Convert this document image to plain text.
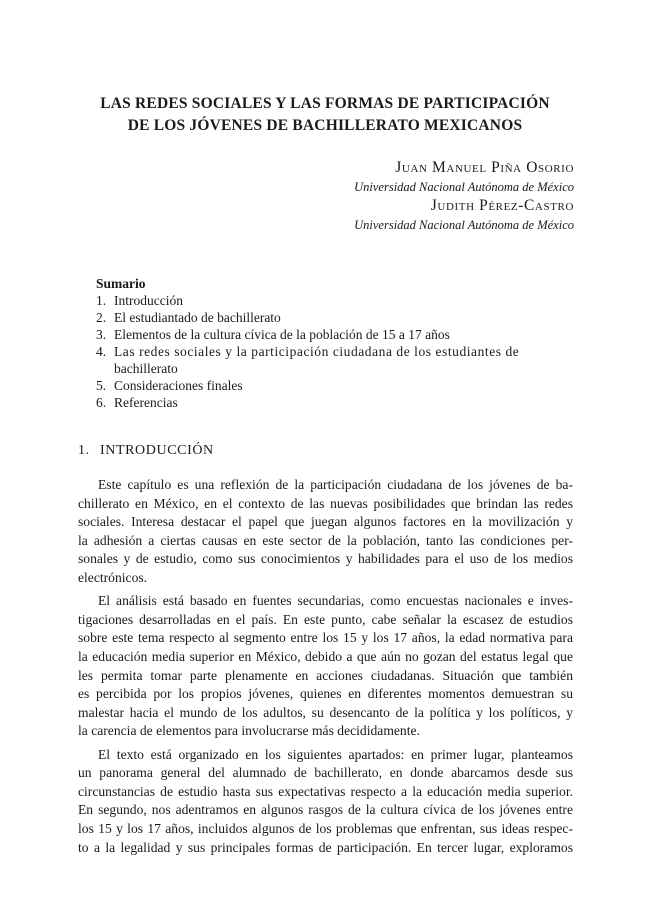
LAS REDES SOCIALES Y LAS FORMAS DE PARTICIPACIÓN
DE LOS JÓVENES DE BACHILLERATO MEXICANOS
Juan Manuel Piña Osorio
Universidad Nacional Autónoma de México
Judith Pérez-Castro
Universidad Nacional Autónoma de México
Sumario
1. Introducción
2. El estudiantado de bachillerato
3. Elementos de la cultura cívica de la población de 15 a 17 años
4. Las redes sociales y la participación ciudadana de los estudiantes de
bachillerato
5. Consideraciones finales
6. Referencias
1. INTRODUCCIÓN

Este capítulo es una reflexión de la participación ciudadana de los jóvenes de ba-
chillerato en México, en el contexto de las nuevas posibilidades que brindan las redes
sociales. Interesa destacar el papel que juegan algunos factores en la movilización y
la adhesión a ciertas causas en este sector de la población, tanto las condiciones per-
sonales y de estudio, como sus conocimientos y habilidades para el uso de los medios
electrónicos.

El análisis está basado en fuentes secundarias, como encuestas nacionales e inves-
tigaciones desarrolladas en el país. En este punto, cabe señalar la escasez de estudios
sobre este tema respecto al segmento entre los 15 y los 17 años, la edad normativa para
la educación media superior en México, debido a que aún no gozan del estatus legal que
les permita tomar parte plenamente en acciones ciudadanas. Situación que también
es percibida por los propios jóvenes, quienes en diferentes momentos demuestran su
malestar hacia el mundo de los adultos, su desencanto de la política y los políticos, y
la carencia de elementos para involucrarse más decididamente.

El texto está organizado en los siguientes apartados: en primer lugar, planteamos
un panorama general del alumnado de bachillerato, en donde abarcamos desde sus
circunstancias de estudio hasta sus expectativas respecto a la educación media superior.
En segundo, nos adentramos en algunos rasgos de la cultura cívica de los jóvenes entre
los 15 y los 17 años, incluidos algunos de los problemas que enfrentan, sus ideas respec-
to a la legalidad y sus principales formas de participación. En tercer lugar, exploramos
